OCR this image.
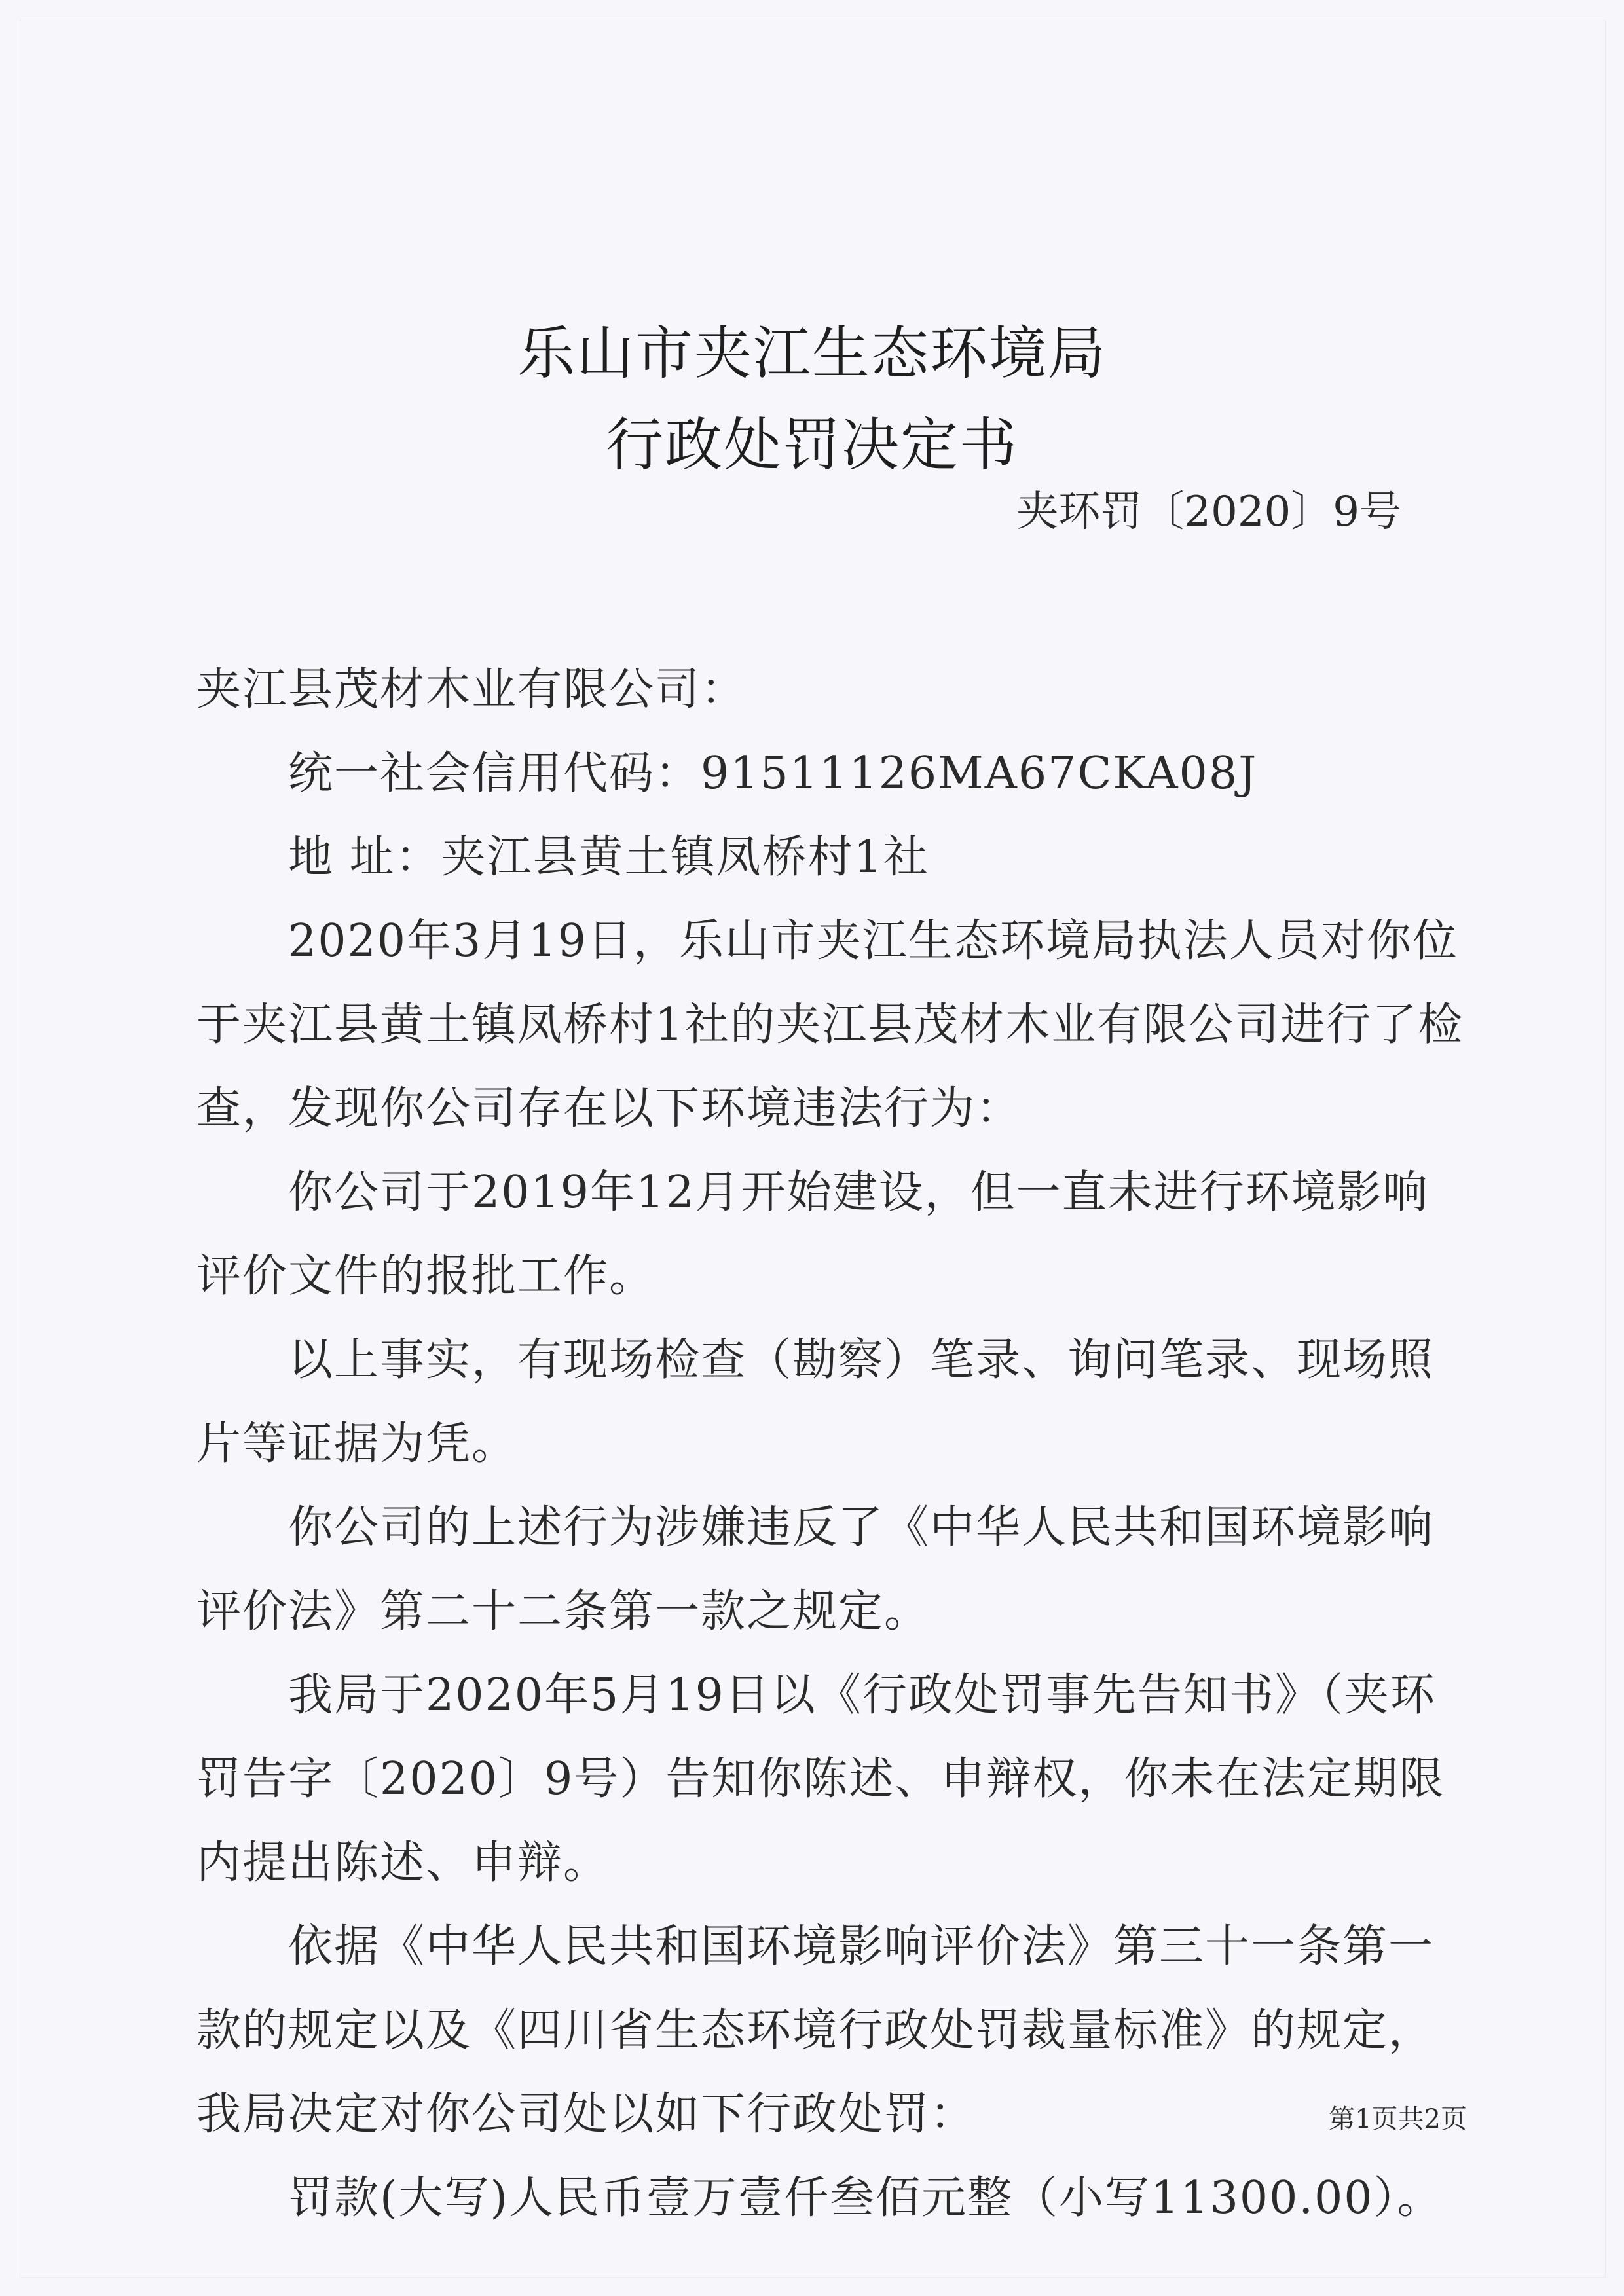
乐山市夹江生态环境局
行政处罚决定书
夹环罚〔2020〕9号

夹江县茂材木业有限公司：

统一社会信用代码：91511126MA67CKA08J

地 址：夹江县黄土镇凤桥村1社

2020年3月19日，乐山市夹江生态环境局执法人员对你位于夹江县黄土镇凤桥村1社的夹江县茂材木业有限公司进行了检查，发现你公司存在以下环境违法行为：

你公司于2019年12月开始建设，但一直未进行环境影响评价文件的报批工作。

以上事实，有现场检查（勘察）笔录、询问笔录、现场照片等证据为凭。

你公司的上述行为涉嫌违反了《中华人民共和国环境影响评价法》第二十二条第一款之规定。

我局于2020年5月19日以《行政处罚事先告知书》（夹环罚告字〔2020〕9号）告知你陈述、申辩权，你未在法定期限内提出陈述、申辩。

依据《中华人民共和国环境影响评价法》第三十一条第一款的规定以及《四川省生态环境行政处罚裁量标准》的规定，我局决定对你公司处以如下行政处罚：

罚款(大写)人民币壹万壹仟叁佰元整（小写11300.00）。

第1页共2页
